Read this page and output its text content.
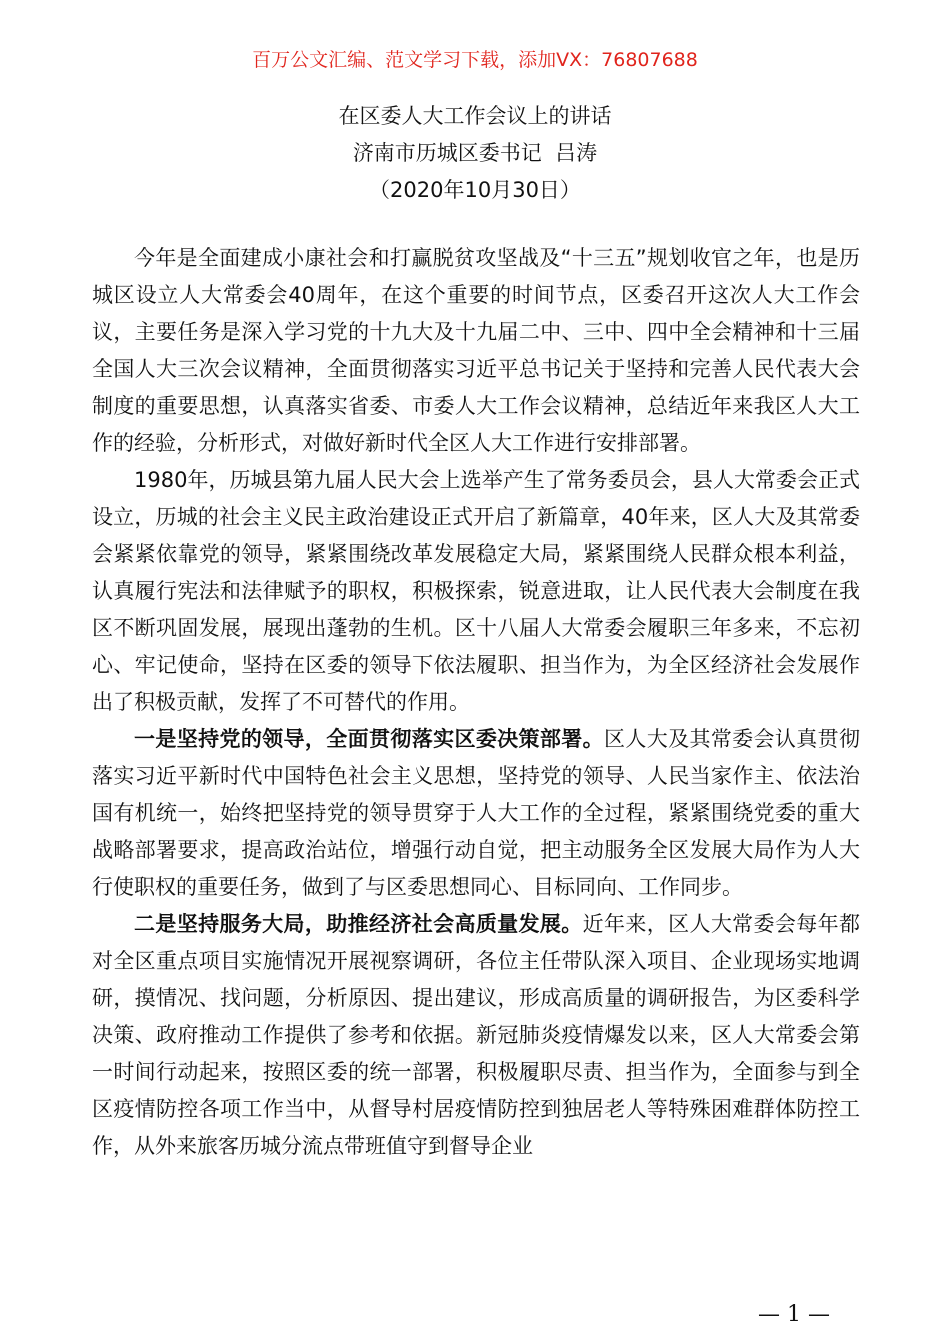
百万公文汇编、范文学习下载，添加VX：76807688
在区委人大工作会议上的讲话
济南市历城区委书记  吕涛
（2020年10月30日）

今年是全面建成小康社会和打赢脱贫攻坚战及“十三五”规划收官之年，也是历城区设立人大常委会40周年，在这个重要的时间节点，区委召开这次人大工作会议，主要任务是深入学习党的十九大及十九届二中、三中、四中全会精神和十三届全国人大三次会议精神，全面贯彻落实习近平总书记关于坚持和完善人民代表大会制度的重要思想，认真落实省委、市委人大工作会议精神，总结近年来我区人大工作的经验，分析形式，对做好新时代全区人大工作进行安排部署。

1980年，历城县第九届人民大会上选举产生了常务委员会，县人大常委会正式设立，历城的社会主义民主政治建设正式开启了新篇章，40年来，区人大及其常委会紧紧依靠党的领导，紧紧围绕改革发展稳定大局，紧紧围绕人民群众根本利益，认真履行宪法和法律赋予的职权，积极探索，锐意进取，让人民代表大会制度在我区不断巩固发展，展现出蓬勃的生机。区十八届人大常委会履职三年多来，不忘初心、牢记使命，坚持在区委的领导下依法履职、担当作为，为全区经济社会发展作出了积极贡献，发挥了不可替代的作用。

一是坚持党的领导，全面贯彻落实区委决策部署。区人大及其常委会认真贯彻落实习近平新时代中国特色社会主义思想，坚持党的领导、人民当家作主、依法治国有机统一，始终把坚持党的领导贯穿于人大工作的全过程，紧紧围绕党委的重大战略部署要求，提高政治站位，增强行动自觉，把主动服务全区发展大局作为人大行使职权的重要任务，做到了与区委思想同心、目标同向、工作同步。

二是坚持服务大局，助推经济社会高质量发展。近年来，区人大常委会每年都对全区重点项目实施情况开展视察调研，各位主任带队深入项目、企业现场实地调研，摸情况、找问题，分析原因、提出建议，形成高质量的调研报告，为区委科学决策、政府推动工作提供了参考和依据。新冠肺炎疫情爆发以来，区人大常委会第一时间行动起来，按照区委的统一部署，积极履职尽责、担当作为，全面参与到全区疫情防控各项工作当中，从督导村居疫情防控到独居老人等特殊困难群体防控工作，从外来旅客历城分流点带班值守到督导企业

— 1 —
